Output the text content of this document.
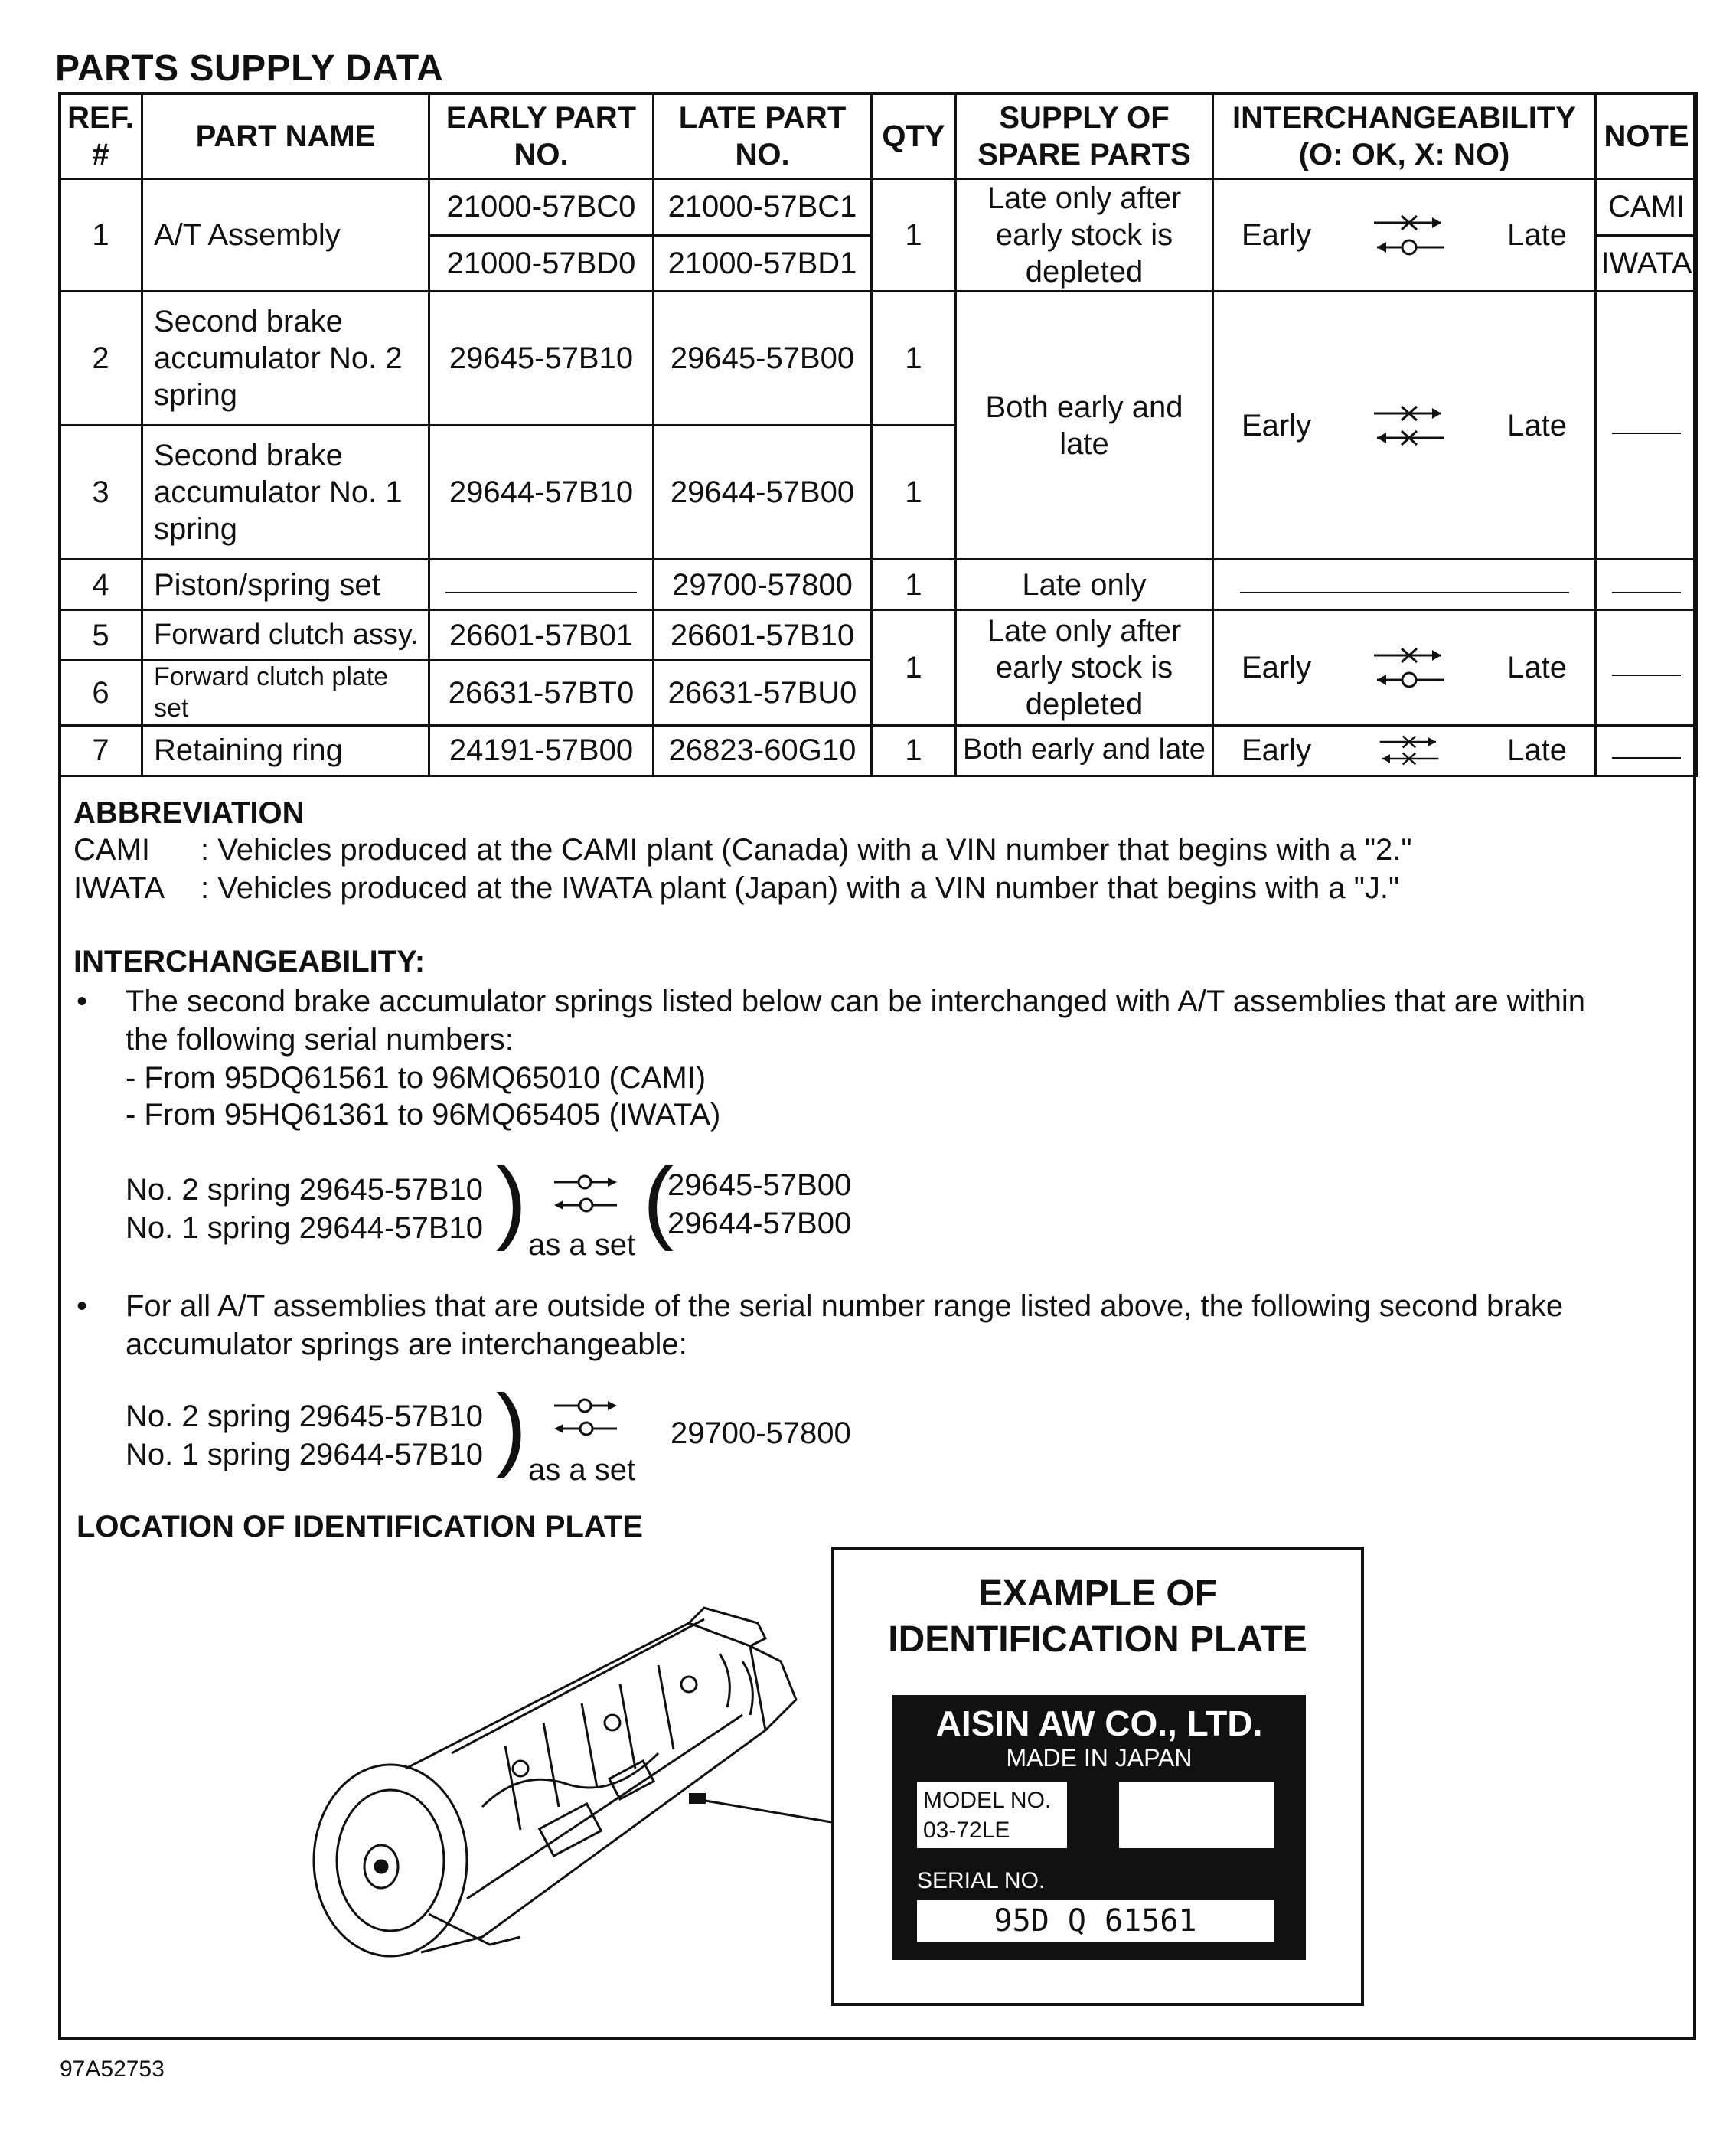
PARTS SUPPLY DATA
REF. #	PART NAME	EARLY PART NO.	LATE PART NO.	QTY	SUPPLY OF SPARE PARTS	INTERCHANGEABILITY (O: OK, X: NO)	NOTE
1	A/T Assembly	21000-57BC0	21000-57BC1	1	Late only after early stock is depleted	Early Late	CAMI
		21000-57BD0	21000-57BD1				IWATA
2	Second brake accumulator No. 2 spring	29645-57B10	29645-57B00	1	Both early and late	Early Late

3	Second brake accumulator No. 1 spring	29644-57B10	29644-57B00	1			
4	Piston/spring set		29700-57800	1	Late only		
5	Forward clutch assy.	26601-57B01	26601-57B10	1	Late only after early stock is depleted	Early Late

6	Forward clutch plate set	26631-57BT0	26631-57BU0				
7	Retaining ring	24191-57B00	26823-60G10	1	Both early and late	Early Late

ABBREVIATION
CAMI : Vehicles produced at the CAMI plant (Canada) with a VIN number that begins with a "2."
IWATA : Vehicles produced at the IWATA plant (Japan) with a VIN number that begins with a "J."
INTERCHANGEABILITY:
• The second brake accumulator springs listed below can be interchanged with A/T assemblies that are within
the following serial numbers:
- From 95DQ61561 to 96MQ65010 (CAMI)
- From 95HQ61361 to 96MQ65405 (IWATA)
No. 2 spring 29645-57B10
No. 1 spring 29644-57B10 ) as a set (
29645-57B00
29644-57B00
• For all A/T assemblies that are outside of the serial number range listed above, the following second brake
accumulator springs are interchangeable:
No. 2 spring 29645-57B10
No. 1 spring 29644-57B10 ) as a set
29700-57800
LOCATION OF IDENTIFICATION PLATE
EXAMPLE OF
IDENTIFICATION PLATE
AISIN AW CO., LTD.
MADE IN JAPAN
MODEL NO.
03-72LE
SERIAL NO.
95D Q 61561
97A52753
